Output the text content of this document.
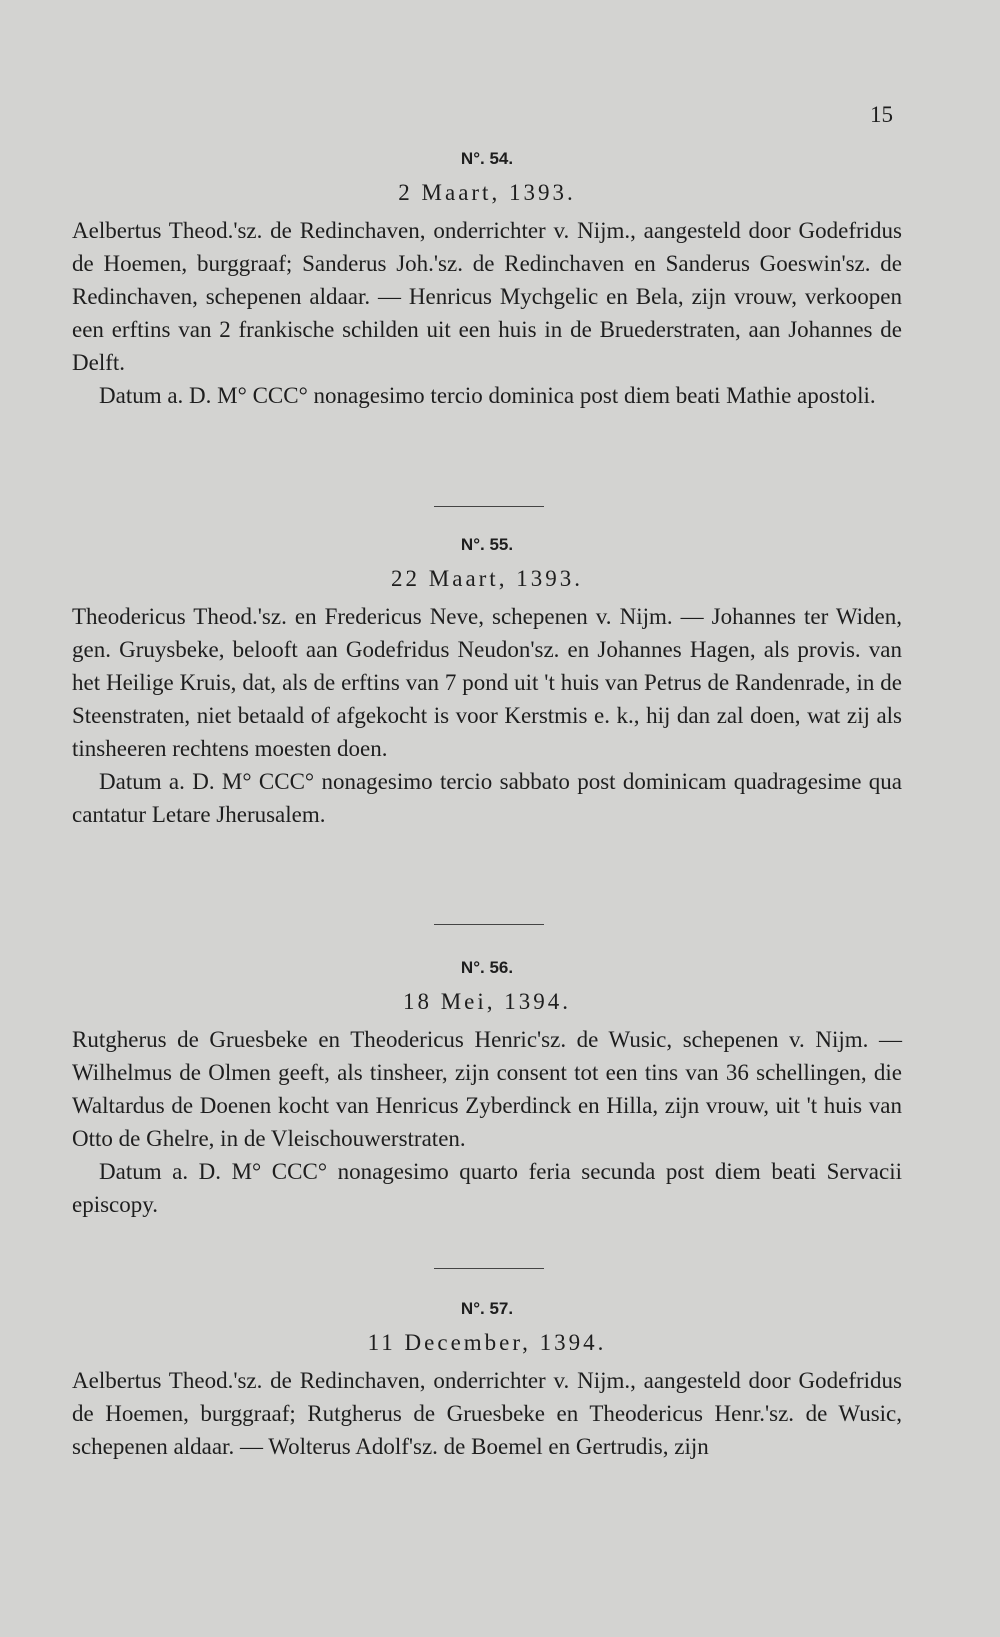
15
N°. 54.
2 Maart, 1393.

Aelbertus Theod.'sz. de Redinchaven, onderrichter v. Nijm., aangesteld door Godefridus de Hoemen, burggraaf; Sanderus Joh.'sz. de Redinchaven en Sanderus Goeswin'sz. de Redinchaven, schepenen aldaar. — Henricus Mychgelic en Bela, zijn vrouw, verkoopen een erftins van 2 frankische schilden uit een huis in de Bruederstraten, aan Johannes de Delft.

Datum a. D. M° CCC° nonagesimo tercio dominica post diem beati Mathie apostoli.

N°. 55.
22 Maart, 1393.

Theodericus Theod.'sz. en Fredericus Neve, schepenen v. Nijm. — Johannes ter Widen, gen. Gruysbeke, belooft aan Godefridus Neudon'sz. en Johannes Hagen, als provis. van het Heilige Kruis, dat, als de erftins van 7 pond uit 't huis van Petrus de Randenrade, in de Steenstraten, niet betaald of afgekocht is voor Kerstmis e. k., hij dan zal doen, wat zij als tinsheeren rechtens moesten doen.

Datum a. D. M° CCC° nonagesimo tercio sabbato post dominicam quadragesime qua cantatur Letare Jherusalem.

N°. 56.
18 Mei, 1394.

Rutgherus de Gruesbeke en Theodericus Henric'sz. de Wusic, schepenen v. Nijm. — Wilhelmus de Olmen geeft, als tinsheer, zijn consent tot een tins van 36 schellingen, die Waltardus de Doenen kocht van Henricus Zyberdinck en Hilla, zijn vrouw, uit 't huis van Otto de Ghelre, in de Vleischouwerstraten.

Datum a. D. M° CCC° nonagesimo quarto feria secunda post diem beati Servacii episcopy.

N°. 57.
11 December, 1394.

Aelbertus Theod.'sz. de Redinchaven, onderrichter v. Nijm., aangesteld door Godefridus de Hoemen, burggraaf; Rutgherus de Gruesbeke en Theodericus Henr.'sz. de Wusic, schepenen aldaar. — Wolterus Adolf'sz. de Boemel en Gertrudis, zijn
